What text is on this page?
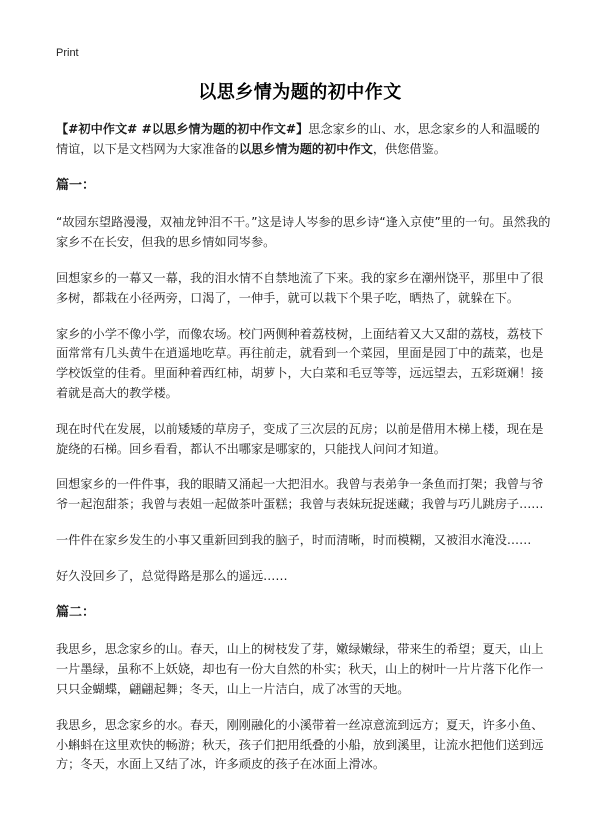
Print
以思乡情为题的初中作文

【#初中作文# #以思乡情为题的初中作文#】思念家乡的山、水，思念家乡的人和温暖的情谊，以下是文档网为大家准备的以思乡情为题的初中作文，供您借鉴。

篇一：

“故园东望路漫漫，双袖龙钟泪不干。”这是诗人岑参的思乡诗“逢入京使”里的一句。虽然我的家乡不在长安，但我的思乡情如同岑参。

回想家乡的一幕又一幕，我的泪水情不自禁地流了下来。我的家乡在潮州饶平，那里中了很多树，都栽在小径两旁，口渴了，一伸手，就可以栽下个果子吃，晒热了，就躲在下。

家乡的小学不像小学，而像农场。校门两侧种着荔枝树，上面结着又大又甜的荔枝，荔枝下面常常有几头黄牛在逍遥地吃草。再往前走，就看到一个菜园，里面是园丁中的蔬菜，也是学校饭堂的佳肴。里面种着西红柿，胡萝卜，大白菜和毛豆等等，远远望去，五彩斑斓！接着就是高大的教学楼。

现在时代在发展，以前矮矮的草房子，变成了三次层的瓦房；以前是借用木梯上楼，现在是旋绕的石梯。回乡看看，都认不出哪家是哪家的，只能找人问问才知道。

回想家乡的一件件事，我的眼睛又涌起一大把泪水。我曾与表弟争一条鱼而打架；我曾与爷爷一起泡甜茶；我曾与表姐一起做茶叶蛋糕；我曾与表妹玩捉迷藏；我曾与巧儿跳房子……

一件件在家乡发生的小事又重新回到我的脑子，时而清晰，时而模糊，又被泪水淹没……

好久没回乡了，总觉得路是那么的遥远……

篇二：

我思乡，思念家乡的山。春天，山上的树枝发了芽，嫩绿嫩绿，带来生的希望；夏天，山上一片墨绿，虽称不上妖娆，却也有一份大自然的朴实；秋天，山上的树叶一片片落下化作一只只金蝴蝶，翩翩起舞；冬天，山上一片洁白，成了冰雪的天地。

我思乡，思念家乡的水。春天，刚刚融化的小溪带着一丝凉意流到远方；夏天，许多小鱼、小蝌蚪在这里欢快的畅游；秋天，孩子们把用纸叠的小船，放到溪里，让流水把他们送到远方；冬天，水面上又结了冰，许多顽皮的孩子在冰面上滑冰。
